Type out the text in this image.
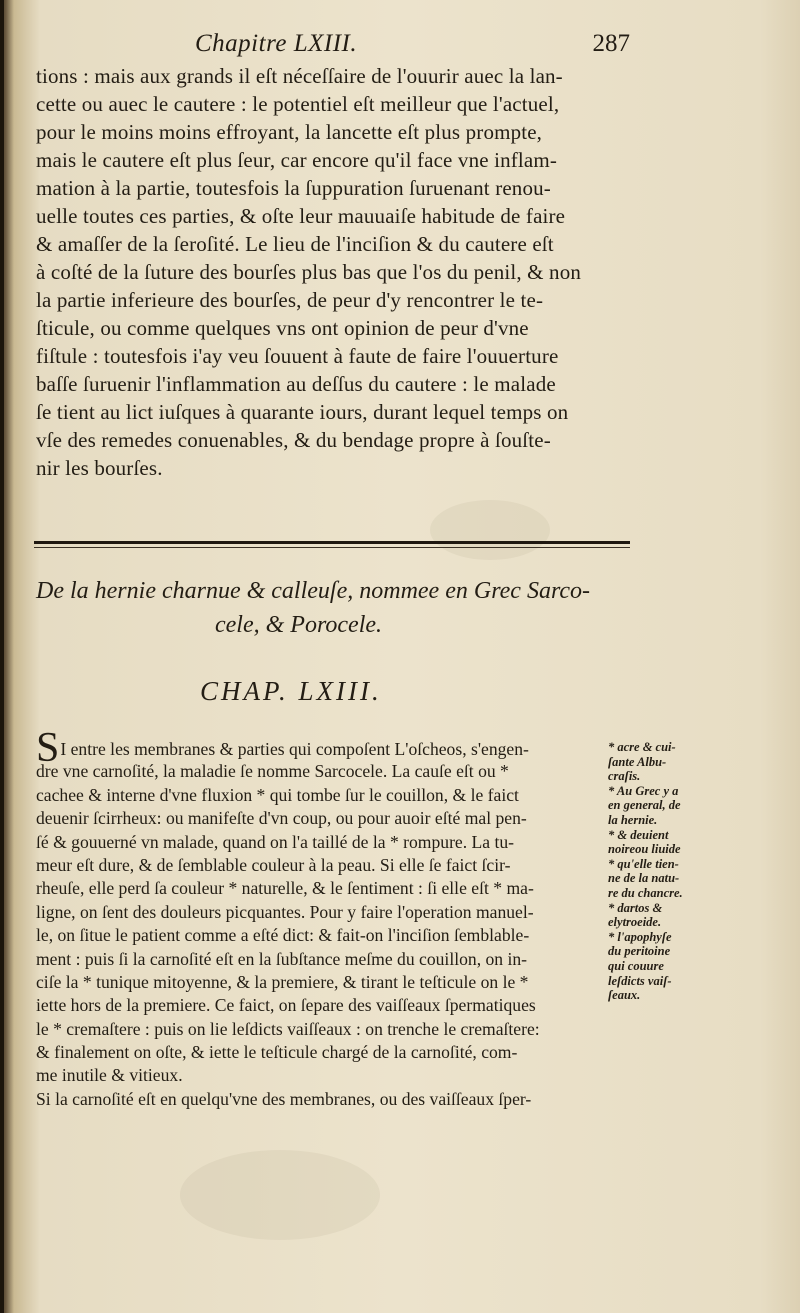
Chapitre LXIII.	287
tions : mais aux grands il eſt néceſſaire de l'ouurir auec la lan-
cette ou auec le cautere : le potentiel eſt meilleur que l'actuel,
pour le moins moins effroyant, la lancette eſt plus prompte,
mais le cautere eſt plus ſeur, car encore qu'il face vne inflam-
mation à la partie, toutesfois la ſuppuration ſuruenant renou-
uelle toutes ces parties, & oſte leur mauuaiſe habitude de faire
& amaſſer de la ſeroſité. Le lieu de l'inciſion & du cautere eſt
à coſté de la ſuture des bourſes plus bas que l'os du penil, & non
la partie inferieure des bourſes, de peur d'y rencontrer le te-
ſticule, ou comme quelques vns ont opinion de peur d'vne
fiſtule : toutesfois i'ay veu ſouuent à faute de faire l'ouuerture
baſſe ſuruenir l'inflammation au deſſus du cautere : le malade
ſe tient au lict iuſques à quarante iours, durant lequel temps on
vſe des remedes conuenables, & du bendage propre à ſouſte-
nir les bourſes.
De la hernie charnue & calleuſe, nommee en Grec Sarco-
cele, & Porocele.
CHAP. LXIII.
SI entre les membranes & parties qui compoſent L'oſcheos, s'engen-
dre vne carnoſité, la maladie ſe nomme Sarcocele. La cauſe eſt ou *
cachee & interne d'vne fluxion * qui tombe ſur le couillon, & le faict
deuenir ſcirrheux: ou manifeſte d'vn coup, ou pour auoir eſté mal pen-
ſé & gouuerné vn malade, quand on l'a taillé de la * rompure. La tu-
meur eſt dure, & de ſemblable couleur à la peau. Si elle ſe faict ſcir-
rheuſe, elle perd ſa couleur * naturelle, & le ſentiment : ſi elle eſt * ma-
ligne, on ſent des douleurs picquantes. Pour y faire l'operation manuel-
le, on ſitue le patient comme a eſté dict: & fait-on l'inciſion ſemblable-
ment : puis ſi la carnoſité eſt en la ſubſtance meſme du couillon, on in-
ciſe la * tunique mitoyenne, & la premiere, & tirant le teſticule on le *
iette hors de la premiere. Ce faict, on ſepare des vaiſſeaux ſpermatiques
le * cremaſtere : puis on lie leſdicts vaiſſeaux : on trenche le cremaſtere:
& finalement on oſte, & iette le teſticule chargé de la carnoſité, com-
me inutile & vitieux.
Si la carnoſité eſt en quelqu'vne des membranes, ou des vaiſſeaux ſper-
* acre & cui-
ſante Albu-
craſis.
* Au Grec y a
en general, de
la hernie.
* & deuient
noireou liuide
* qu'elle tien-
ne de la natu-
re du chancre.
* dartos &
elytroeide.
* l'apophyſe
du peritoine
qui couure
leſdicts vaiſ-
ſeaux.
